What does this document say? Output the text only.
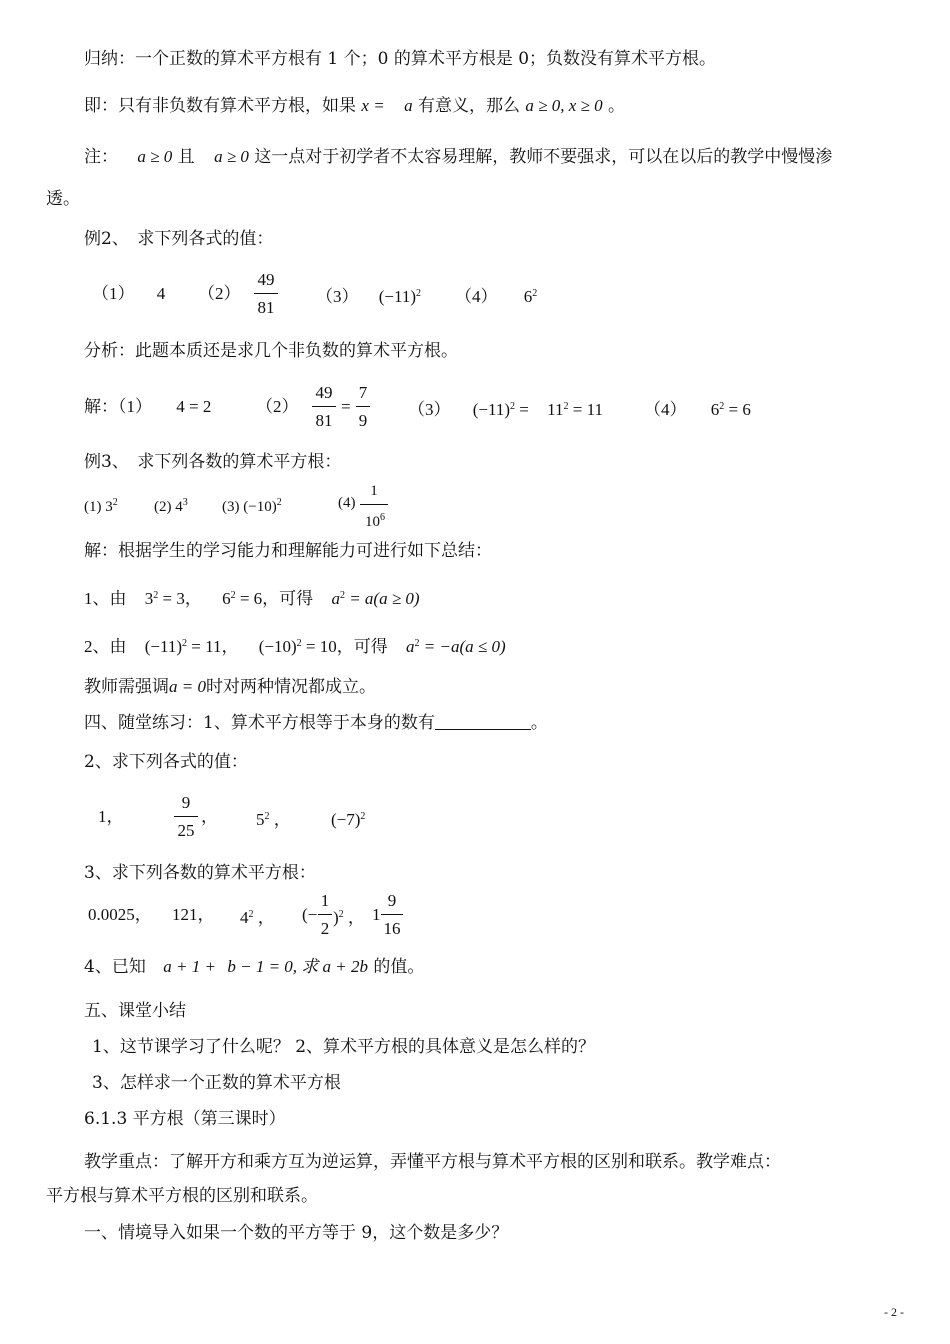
归纳：一个正数的算术平方根有 1 个；0 的算术平方根是 0；负数没有算术平方根。
即：只有非负数有算术平方根，如果 x = a 有意义，那么 a ≥ 0, x ≥ 0 。
注： a ≥ 0 且 a ≥ 0 这一点对于初学者不太容易理解，教师不要强求，可以在以后的教学中慢慢渗
透。
例2、　求下列各式的值：
（1） 4 （2）
49
81
（3） $(-11)^2$ （4） $6^2$
分析：此题本质还是求几个非负数的算术平方根。
解：（1） 4 = 2	（2）
49
81
=
7
9
（3） $(-11)^2 = 11^2 = 11$ （4） $6^2 = 6$
例3、　求下列各数的算术平方根：
(1) $3^2$ (2) $4^3$ (3) $(-10)^2$	(4)
1
$10^6$
解：根据学生的学习能力和理解能力可进行如下总结：
1、由 $3^2 = 3$， $6^2 = 6$，可得 $a^2 = a(a \ge 0)$
2、由 $(-11)^2 = 11$， $(-10)^2 = 10$，可得 $a^2 = -a(a \le 0)$
教师需强调a = 0时对两种情况都成立。
四、随堂练习：1、算术平方根等于本身的数有	。
2、求下列各式的值：
1，
9
25
， $5^2$ ， $(-7)^2$
3、求下列各数的算术平方根：
0.0025， 121， $4^2$ ， (−
1
2
)$^2$ ， 1
9
16
4、已知 a + 1 + b − 1 = 0, 求 a + 2b 的值。
五、课堂小结
1、这节课学习了什么呢？ 2、算术平方根的具体意义是怎么样的？
3、怎样求一个正数的算术平方根
6.1.3 平方根（第三课时）
教学重点：了解开方和乘方互为逆运算，弄懂平方根与算术平方根的区别和联系。教学难点：
平方根与算术平方根的区别和联系。
一、情境导入如果一个数的平方等于 9，这个数是多少？
- 2 -
